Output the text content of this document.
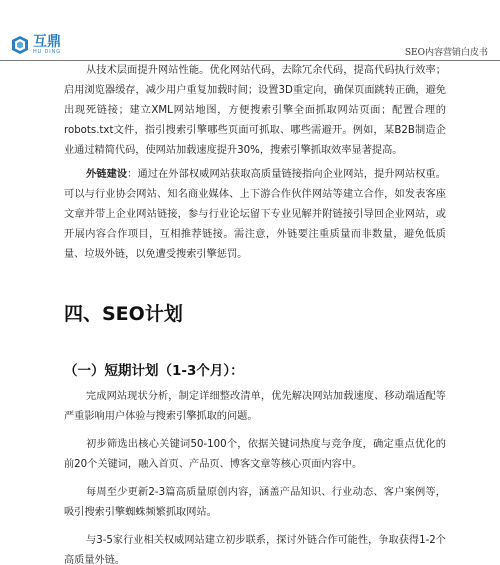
互鼎
HU DING	SEO内容营销白皮书

从技术层面提升网站性能。优化网站代码，去除冗余代码，提高代码执行效率；启用浏览器缓存，减少用户重复加载时间；设置3D重定向，确保页面跳转正确，避免出现死链接；建立XML网站地图，方便搜索引擎全面抓取网站页面；配置合理的robots.txt文件，指引搜索引擎哪些页面可抓取、哪些需避开。例如，某B2B制造企业通过精简代码，使网站加载速度提升30%，搜索引擎抓取效率显著提高。

外链建设：通过在外部权威网站获取高质量链接指向企业网站，提升网站权重。可以与行业协会网站、知名商业媒体、上下游合作伙伴网站等建立合作，如发表客座文章并带上企业网站链接，参与行业论坛留下专业见解并附链接引导回企业网站，或开展内容合作项目，互相推荐链接。需注意，外链要注重质量而非数量，避免低质量、垃圾外链，以免遭受搜索引擎惩罚。

四、SEO计划
（一）短期计划（1-3个月）：

完成网站现状分析，制定详细整改清单，优先解决网站加载速度、移动端适配等严重影响用户体验与搜索引擎抓取的问题。

初步筛选出核心关键词50-100个，依据关键词热度与竞争度，确定重点优化的前20个关键词，融入首页、产品页、博客文章等核心页面内容中。

每周至少更新2-3篇高质量原创内容，涵盖产品知识、行业动态、客户案例等，吸引搜索引擎蜘蛛频繁抓取网站。

与3-5家行业相关权威网站建立初步联系，探讨外链合作可能性，争取获得1-2个高质量外链。
